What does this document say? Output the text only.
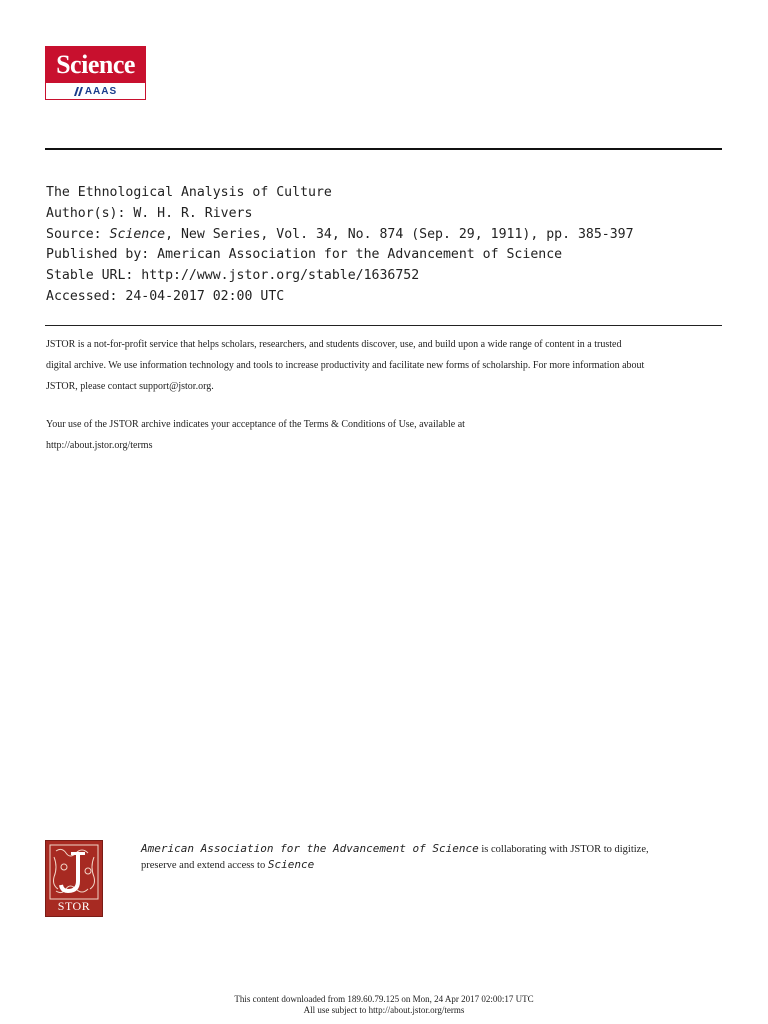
Science
AAAS
The Ethnological Analysis of Culture
Author(s): W. H. R. Rivers
Source: Science, New Series, Vol. 34, No. 874 (Sep. 29, 1911), pp. 385-397
Published by: American Association for the Advancement of Science
Stable URL: http://www.jstor.org/stable/1636752
Accessed: 24-04-2017 02:00 UTC

JSTOR is a not-for-profit service that helps scholars, researchers, and students discover, use, and build upon a wide range of content in a trusted

digital archive. We use information technology and tools to increase productivity and facilitate new forms of scholarship. For more information about

JSTOR, please contact support@jstor.org.

Your use of the JSTOR archive indicates your acceptance of the Terms & Conditions of Use, available at

http://about.jstor.org/terms

STOR
American Association for the Advancement of Science is collaborating with JSTOR to digitize,
preserve and extend access to Science
This content downloaded from 189.60.79.125 on Mon, 24 Apr 2017 02:00:17 UTC
All use subject to http://about.jstor.org/terms
